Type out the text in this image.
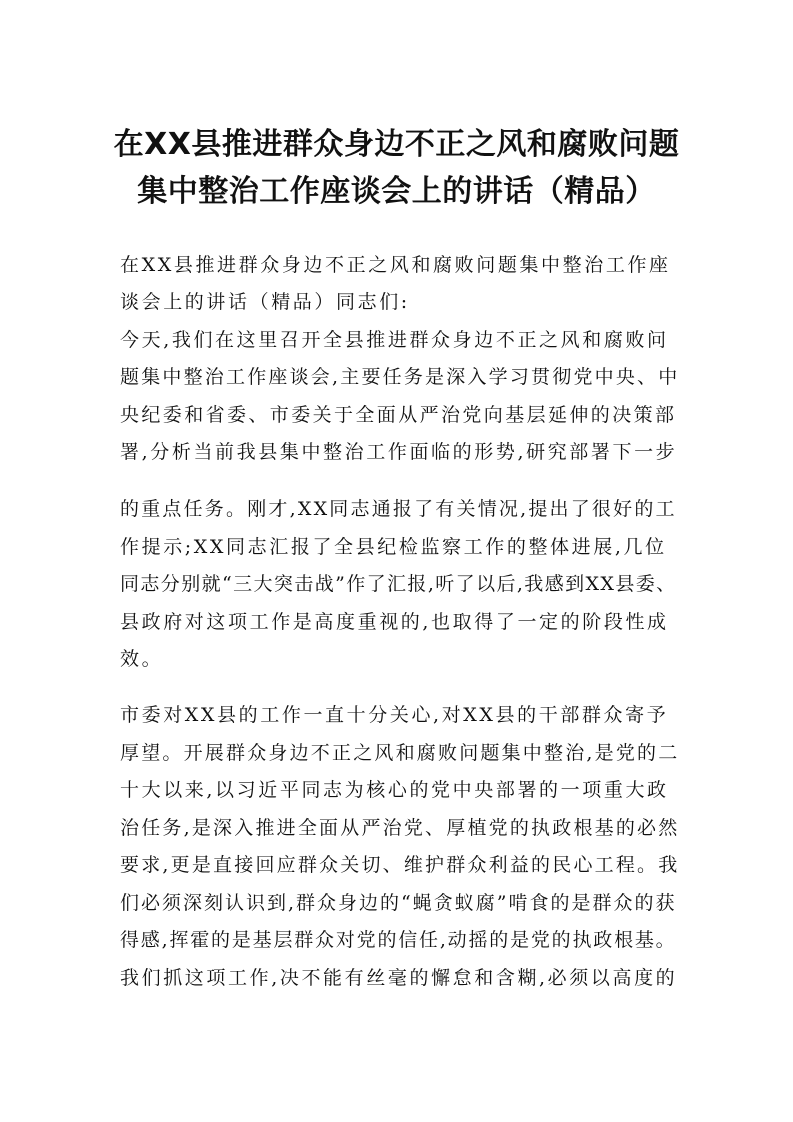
在XX县推进群众身边不正之风和腐败问题
集中整治工作座谈会上的讲话（精品）

在XX县推进群众身边不正之风和腐败问题集中整治工作座

谈会上的讲话（精品）同志们:

今天,我们在这里召开全县推进群众身边不正之风和腐败问

题集中整治工作座谈会,主要任务是深入学习贯彻党中央、中

央纪委和省委、市委关于全面从严治党向基层延伸的决策部

署,分析当前我县集中整治工作面临的形势,研究部署下一步

的重点任务。刚才,XX同志通报了有关情况,提出了很好的工

作提示;XX同志汇报了全县纪检监察工作的整体进展,几位

同志分别就“三大突击战”作了汇报,听了以后,我感到XX县委、

县政府对这项工作是高度重视的,也取得了一定的阶段性成

效。

市委对XX县的工作一直十分关心,对XX县的干部群众寄予

厚望。开展群众身边不正之风和腐败问题集中整治,是党的二

十大以来,以习近平同志为核心的党中央部署的一项重大政

治任务,是深入推进全面从严治党、厚植党的执政根基的必然

要求,更是直接回应群众关切、维护群众利益的民心工程。我

们必须深刻认识到,群众身边的“蝇贪蚁腐”啃食的是群众的获

得感,挥霍的是基层群众对党的信任,动摇的是党的执政根基。

我们抓这项工作,决不能有丝毫的懈怠和含糊,必须以高度的
